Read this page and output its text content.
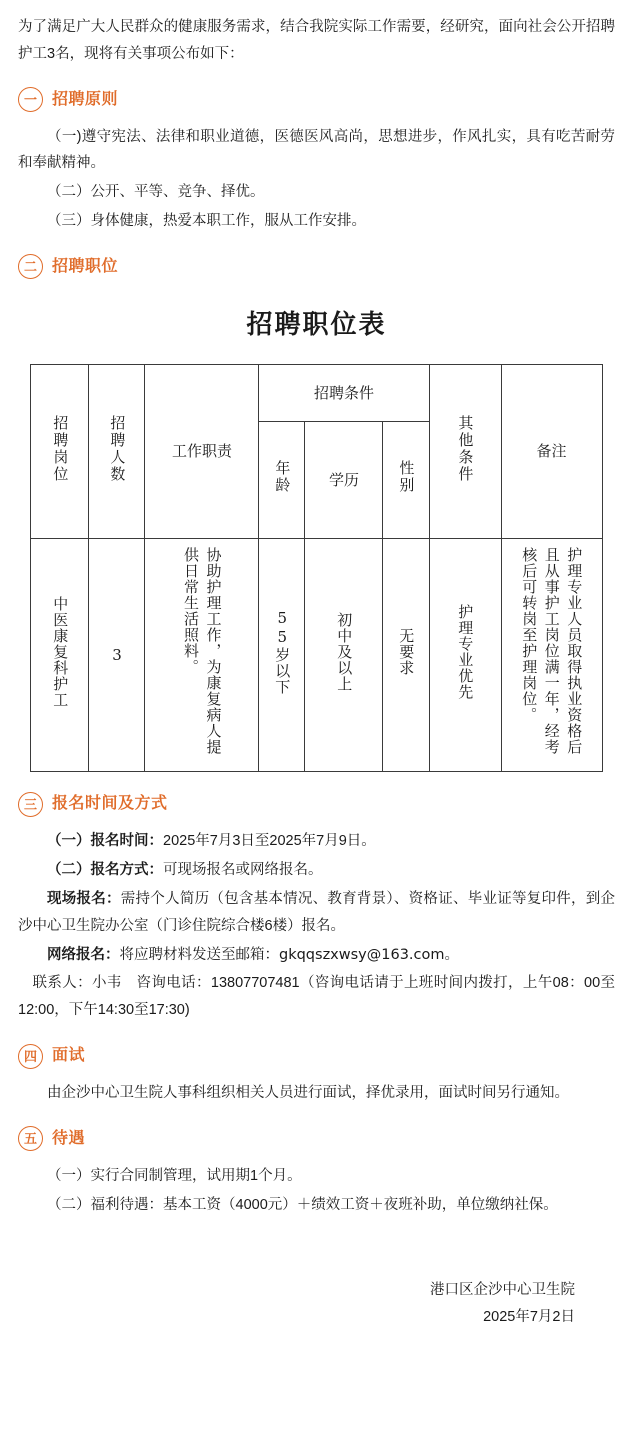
为了满足广大人民群众的健康服务需求，结合我院实际工作需要，经研究，面向社会公开招聘护工3名，现将有关事项公布如下：

一 招聘原则

（一)遵守宪法、法律和职业道德，医德医风高尚，思想进步，作风扎实，具有吃苦耐劳和奉献精神。

（二）公开、平等、竞争、择优。

（三）身体健康，热爱本职工作，服从工作安排。

二 招聘职位
招聘职位表
招聘岗位	招聘人数	工作职责	招聘条件			其他条件	备注
			年龄	学历	性别		
中医康复科护工	3	协助护理工作，为康复病人提供日常生活照料。	55岁以下	初中及以上	无要求	护理专业优先	护理专业人员取得执业资格后且从事护工岗位满一年，经考核后可转岗至护理岗位。
三 报名时间及方式

（一）报名时间：2025年7月3日至2025年7月9日。

（二）报名方式：可现场报名或网络报名。

现场报名：需持个人简历（包含基本情况、教育背景）、资格证、毕业证等复印件，到企沙中心卫生院办公室（门诊住院综合楼6楼）报名。

网络报名：将应聘材料发送至邮箱：gkqqszxwsy@163.com。

联系人：小韦　咨询电话：13807707481（咨询电话请于上班时间内拨打，上午08：00至12:00，下午14:30至17:30)

四 面试

由企沙中心卫生院人事科组织相关人员进行面试，择优录用，面试时间另行通知。

五 待遇

（一）实行合同制管理，试用期1个月。

（二）福利待遇：基本工资（4000元）＋绩效工资＋夜班补助，单位缴纳社保。

港口区企沙中心卫生院
2025年7月2日
